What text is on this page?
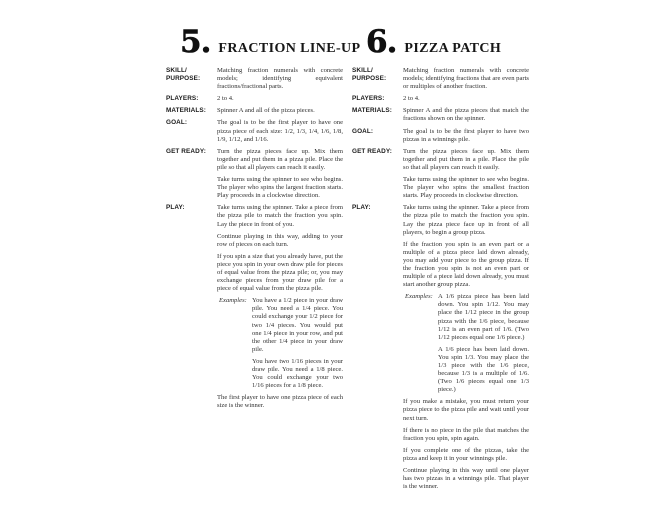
5. FRACTION LINE-UP
SKILL/
PURPOSE:

Matching fraction numerals with concrete models; identifying equivalent fractions/fractional parts.

PLAYERS:	2 to 4.

MATERIALS:	Spinner A and all of the pizza pieces.

GOAL:	The goal is to be the first player to have one pizza piece of each size: 1/2, 1/3, 1/4, 1/6, 1/8, 1/9, 1/12, and 1/16.

GET READY:	Turn the pizza pieces face up. Mix them together and put them in a pizza pile. Place the pile so that all players can reach it easily.

Take turns using the spinner to see who begins. The player who spins the largest fraction starts. Play proceeds in a clockwise direction.

PLAY:	Take turns using the spinner. Take a piece from the pizza pile to match the fraction you spin. Lay the piece in front of you.

Continue playing in this way, adding to your row of pieces on each turn.

If you spin a size that you already have, put the piece you spin in your own draw pile for pieces of equal value from the pizza pile; or, you may exchange pieces from your draw pile for a piece of equal value from the pizza pile.

Examples: You have a 1/2 piece in your draw pile. You need a 1/4 piece. You could exchange your 1/2 piece for two 1/4 pieces. You would put one 1/4 piece in your row, and put the other 1/4 piece in your draw pile.

You have two 1/16 pieces in your draw pile. You need a 1/8 piece. You could exchange your two 1/16 pieces for a 1/8 piece.

The first player to have one pizza piece of each size is the winner.

6. PIZZA PATCH
SKILL/
PURPOSE:

Matching fraction numerals with concrete models; identifying fractions that are even parts or multiples of another fraction.

PLAYERS:	2 to 4.

MATERIALS:	Spinner A and the pizza pieces that match the fractions shown on the spinner.

GOAL:	The goal is to be the first player to have two pizzas in a winnings pile.

GET READY:	Turn the pizza pieces face up. Mix them together and put them in a pile. Place the pile so that all players can reach it easily.

Take turns using the spinner to see who begins. The player who spins the smallest fraction starts. Play proceeds in clockwise direction.

PLAY:	Take turns using the spinner. Take a piece from the pizza pile to match the fraction you spin. Lay the pizza piece face up in front of all players, to begin a group pizza.

If the fraction you spin is an even part or a multiple of a pizza piece laid down already, you may add your piece to the group pizza. If the fraction you spin is not an even part or multiple of a piece laid down already, you must start another group pizza.

Examples: A 1/6 pizza piece has been laid down. You spin 1/12. You may place the 1/12 piece in the group pizza with the 1/6 piece, because 1/12 is an even part of 1/6. (Two 1/12 pieces equal one 1/6 piece.)

A 1/6 piece has been laid down. You spin 1/3. You may place the 1/3 piece with the 1/6 piece, because 1/3 is a multiple of 1/6. (Two 1/6 pieces equal one 1/3 piece.)

If you make a mistake, you must return your pizza piece to the pizza pile and wait until your next turn.

If there is no piece in the pile that matches the fraction you spin, spin again.

If you complete one of the pizzas, take the pizza and keep it in your winnings pile.

Continue playing in this way until one player has two pizzas in a winnings pile. That player is the winner.
